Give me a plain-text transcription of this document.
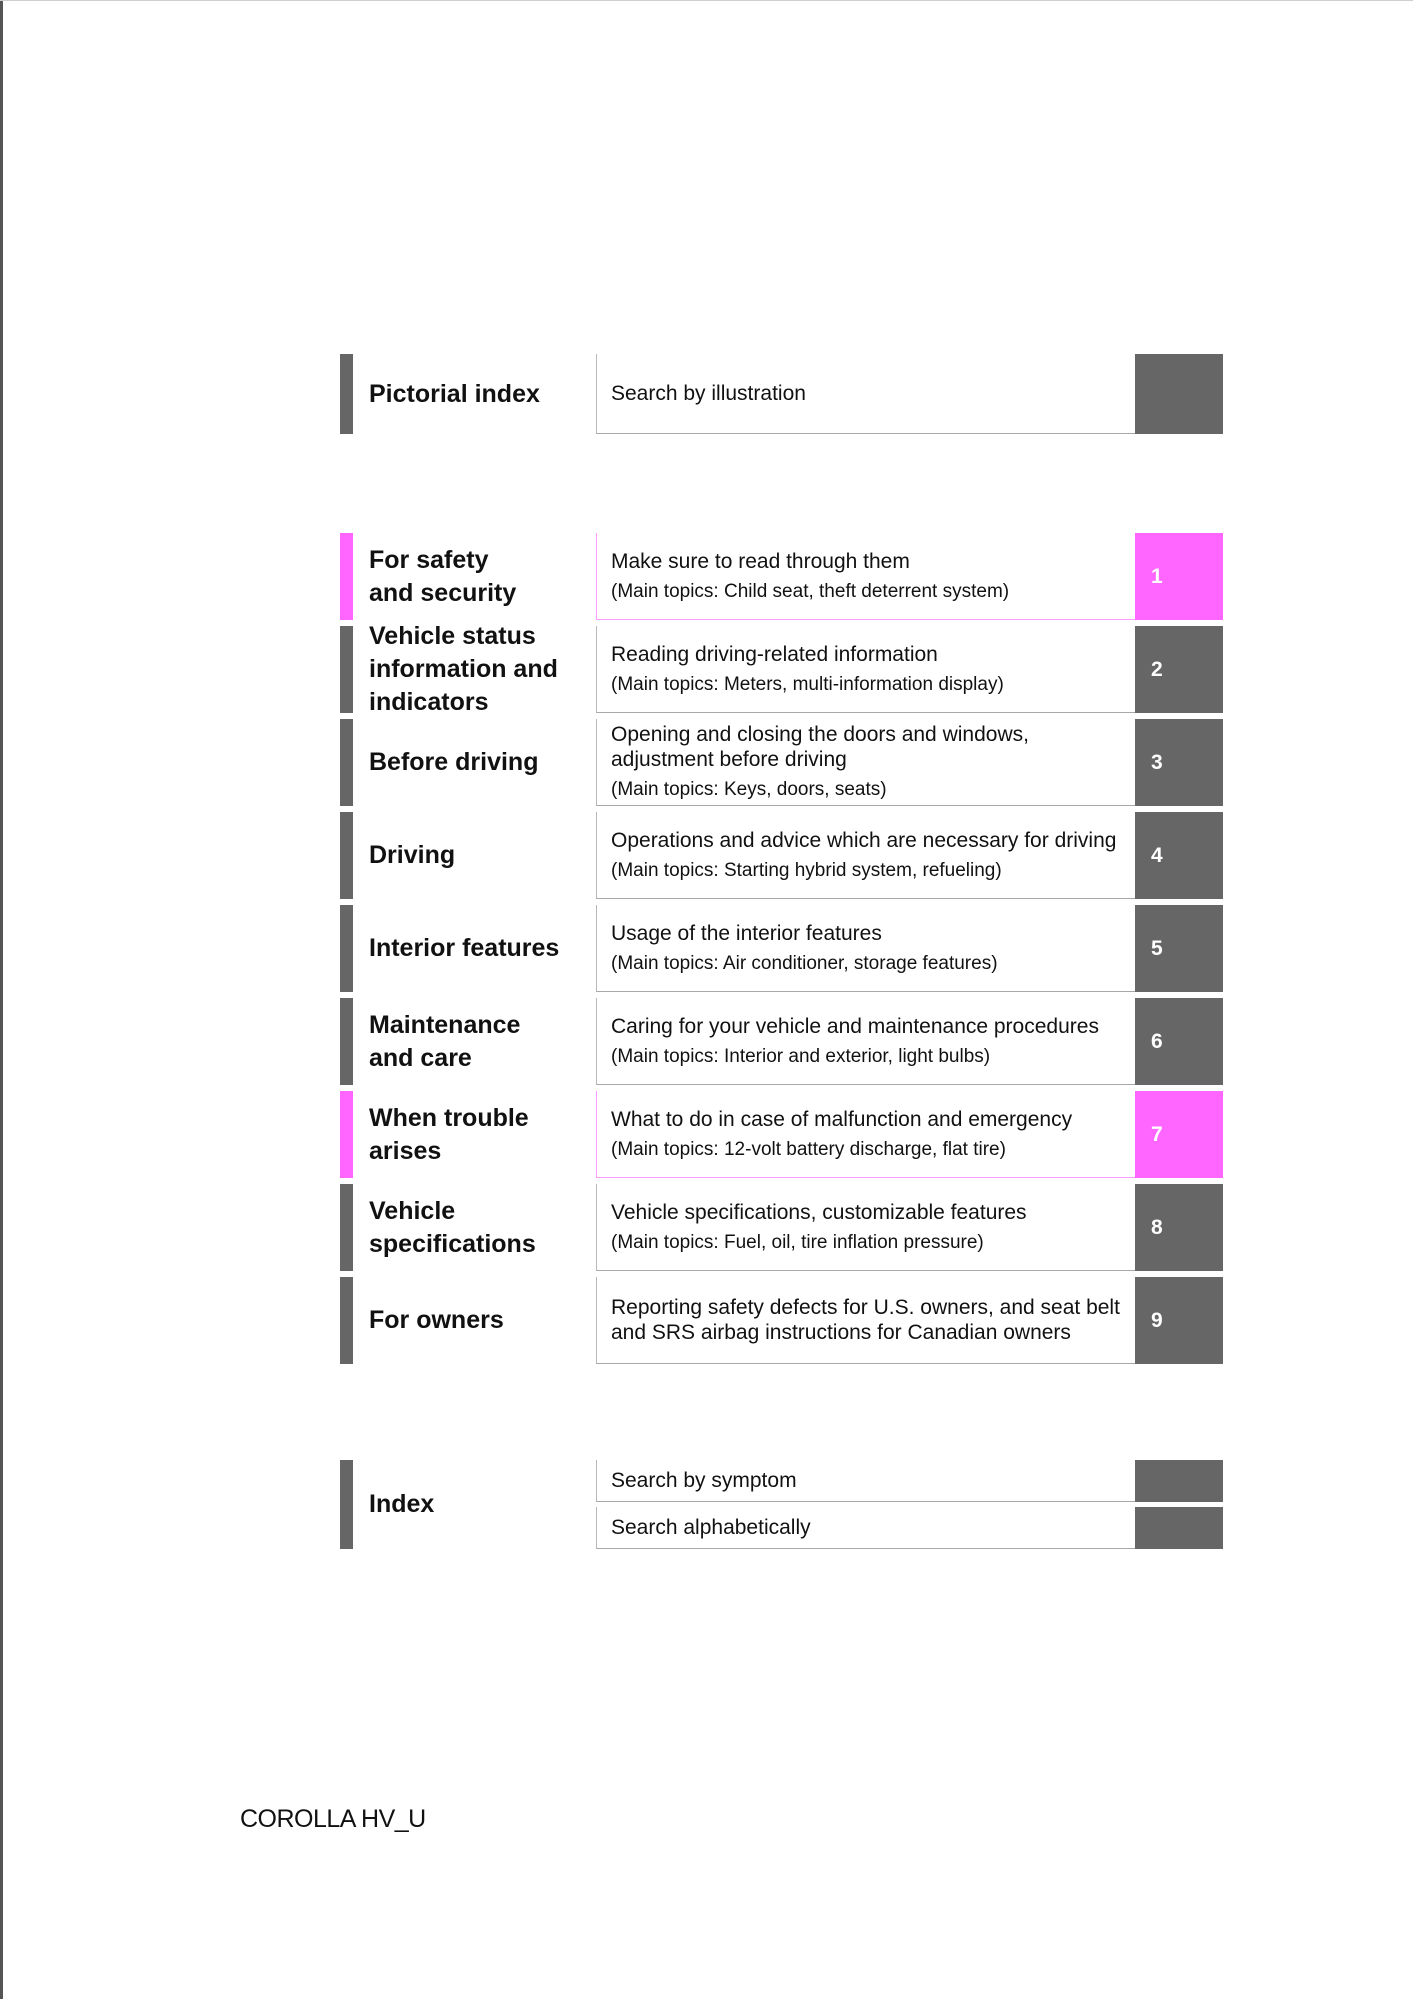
Pictorial index	Search by illustration
For safety
and security
Make sure to read through them
(Main topics: Child seat, theft deterrent system)
1
Vehicle status
information and
indicators
Reading driving-related information
(Main topics: Meters, multi-information display)
2
Before driving
Opening and closing the doors and windows, adjustment before driving
(Main topics: Keys, doors, seats)
3
Driving
Operations and advice which are necessary for driving
(Main topics: Starting hybrid system, refueling)
4
Interior features
Usage of the interior features
(Main topics: Air conditioner, storage features)
5
Maintenance
and care
Caring for your vehicle and maintenance procedures
(Main topics: Interior and exterior, light bulbs)
6
When trouble
arises
What to do in case of malfunction and emergency
(Main topics: 12-volt battery discharge, flat tire)
7
Vehicle
specifications
Vehicle specifications, customizable features
(Main topics: Fuel, oil, tire inflation pressure)
8
For owners	Reporting safety defects for U.S. owners, and seat belt and SRS airbag instructions for Canadian owners
9
Index
Search by symptom
Search alphabetically
COROLLA HV_U
